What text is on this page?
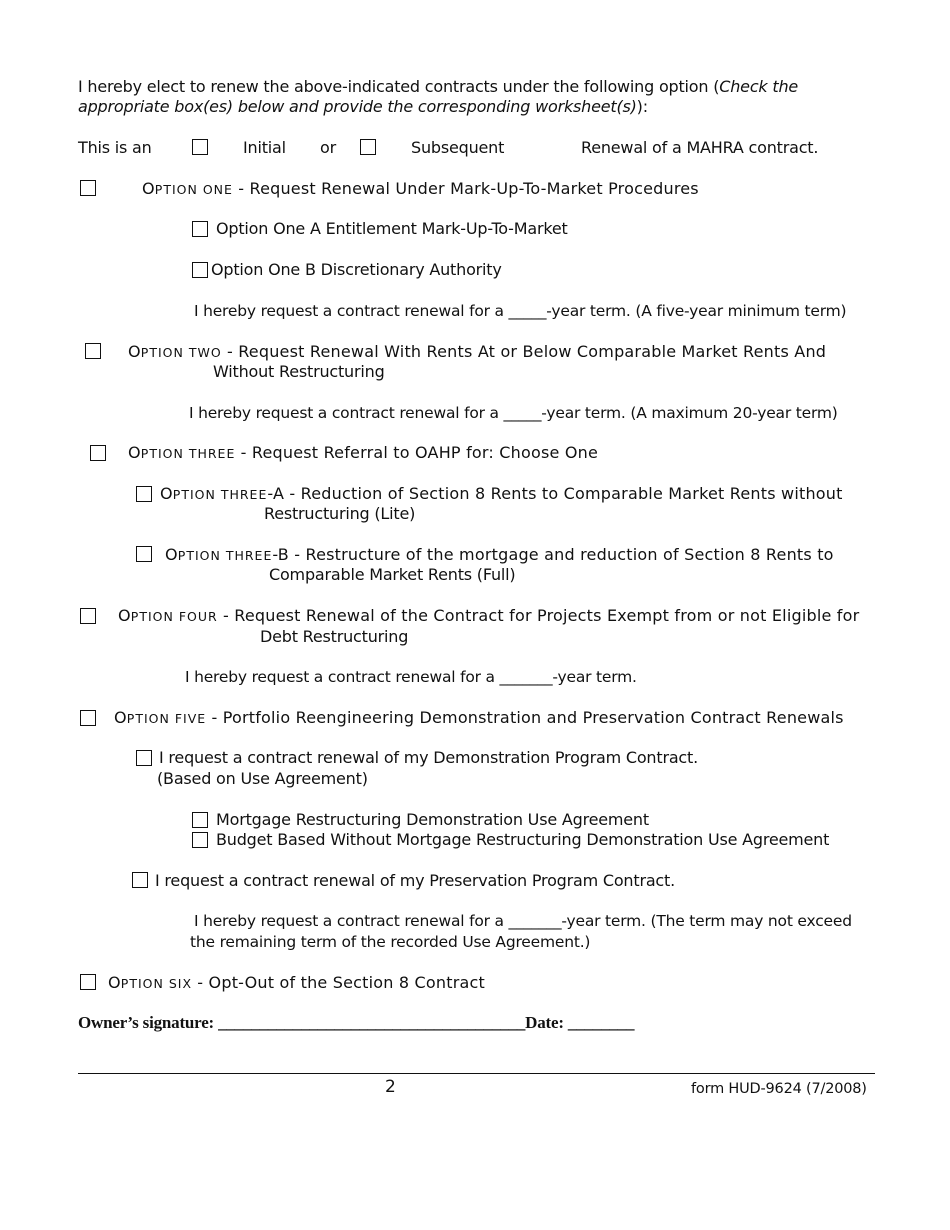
I hereby elect to renew the above-indicated contracts under the following option (Check the
appropriate box(es) below and provide the corresponding worksheet(s)):
This is an	Initial or	Subsequent	Renewal of a MAHRA contract.
OPTION ONE - Request Renewal Under Mark-Up-To-Market Procedures
Option One A Entitlement Mark-Up-To-Market
Option One B Discretionary Authority
I hereby request a contract renewal for a _____-year term. (A five-year minimum term)
OPTION TWO - Request Renewal With Rents At or Below Comparable Market Rents And
Without Restructuring
I hereby request a contract renewal for a _____-year term. (A maximum 20-year term)
OPTION THREE - Request Referral to OAHP for: Choose One
OPTION THREE-A - Reduction of Section 8 Rents to Comparable Market Rents without
Restructuring (Lite)
OPTION THREE-B - Restructure of the mortgage and reduction of Section 8 Rents to
Comparable Market Rents (Full)
OPTION FOUR - Request Renewal of the Contract for Projects Exempt from or not Eligible for
Debt Restructuring
I hereby request a contract renewal for a _______-year term.
OPTION FIVE - Portfolio Reengineering Demonstration and Preservation Contract Renewals
I request a contract renewal of my Demonstration Program Contract.
(Based on Use Agreement)
Mortgage Restructuring Demonstration Use Agreement
Budget Based Without Mortgage Restructuring Demonstration Use Agreement
I request a contract renewal of my Preservation Program Contract.
I hereby request a contract renewal for a _______-year term. (The term may not exceed
the remaining term of the recorded Use Agreement.)
OPTION SIX - Opt-Out of the Section 8 Contract
Owner’s signature: _____________________________________Date: ________
2	form HUD-9624 (7/2008)
